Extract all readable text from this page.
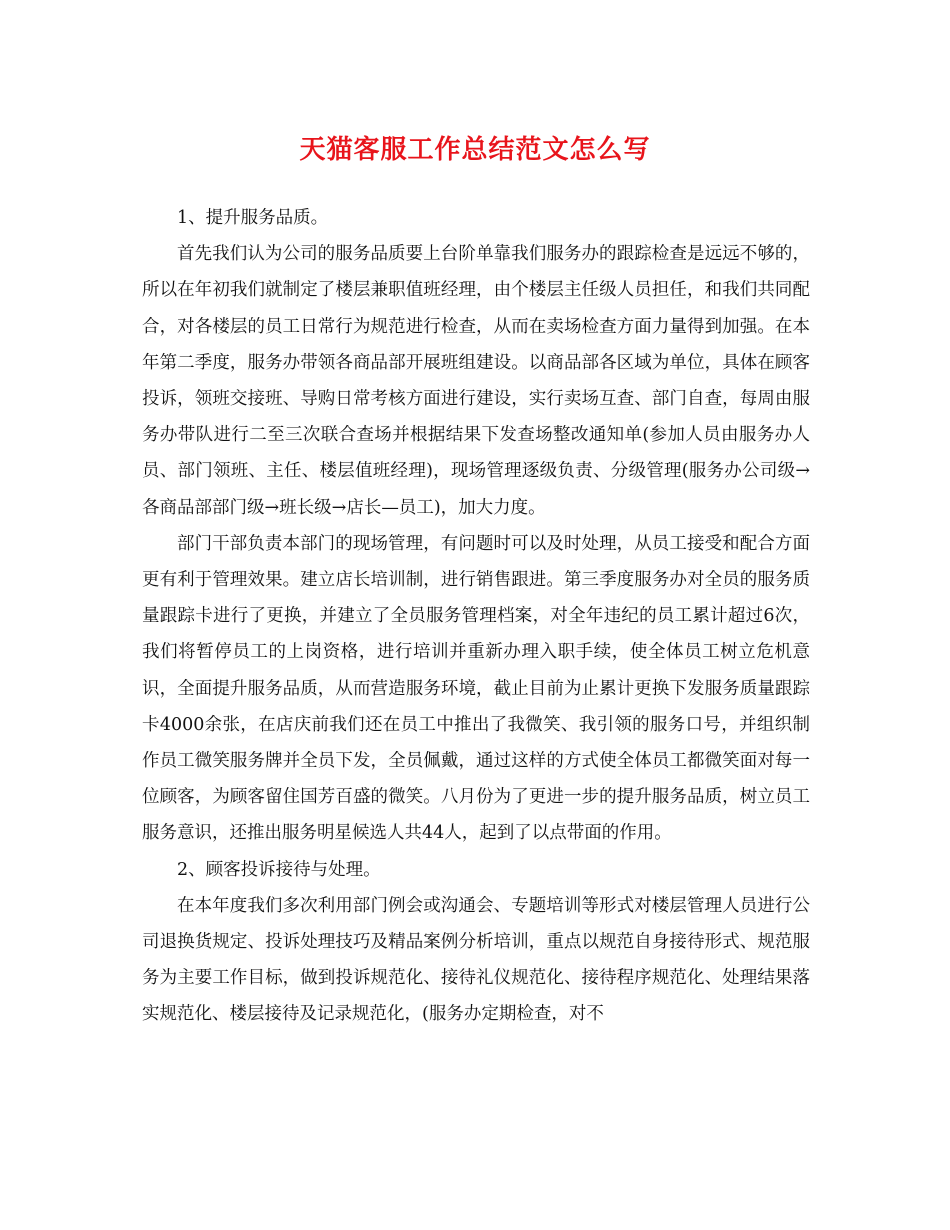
天猫客服工作总结范文怎么写

1、提升服务品质。

首先我们认为公司的服务品质要上台阶单靠我们服务办的跟踪检查是远远不够的，所以在年初我们就制定了楼层兼职值班经理，由个楼层主任级人员担任，和我们共同配合，对各楼层的员工日常行为规范进行检查，从而在卖场检查方面力量得到加强。在本年第二季度，服务办带领各商品部开展班组建设。以商品部各区域为单位，具体在顾客投诉，领班交接班、导购日常考核方面进行建设，实行卖场互查、部门自查，每周由服务办带队进行二至三次联合查场并根据结果下发查场整改通知单(参加人员由服务办人员、部门领班、主任、楼层值班经理)，现场管理逐级负责、分级管理(服务办公司级→各商品部部门级→班长级→店长—员工)，加大力度。

部门干部负责本部门的现场管理，有问题时可以及时处理，从员工接受和配合方面更有利于管理效果。建立店长培训制，进行销售跟进。第三季度服务办对全员的服务质量跟踪卡进行了更换，并建立了全员服务管理档案，对全年违纪的员工累计超过6次，我们将暂停员工的上岗资格，进行培训并重新办理入职手续，使全体员工树立危机意识，全面提升服务品质，从而营造服务环境，截止目前为止累计更换下发服务质量跟踪卡4000余张，在店庆前我们还在员工中推出了我微笑、我引领的服务口号，并组织制作员工微笑服务牌并全员下发，全员佩戴，通过这样的方式使全体员工都微笑面对每一位顾客，为顾客留住国芳百盛的微笑。八月份为了更进一步的提升服务品质，树立员工服务意识，还推出服务明星候选人共44人，起到了以点带面的作用。

2、顾客投诉接待与处理。

在本年度我们多次利用部门例会或沟通会、专题培训等形式对楼层管理人员进行公司退换货规定、投诉处理技巧及精品案例分析培训，重点以规范自身接待形式、规范服务为主要工作目标，做到投诉规范化、接待礼仪规范化、接待程序规范化、处理结果落实规范化、楼层接待及记录规范化，(服务办定期检查，对不
